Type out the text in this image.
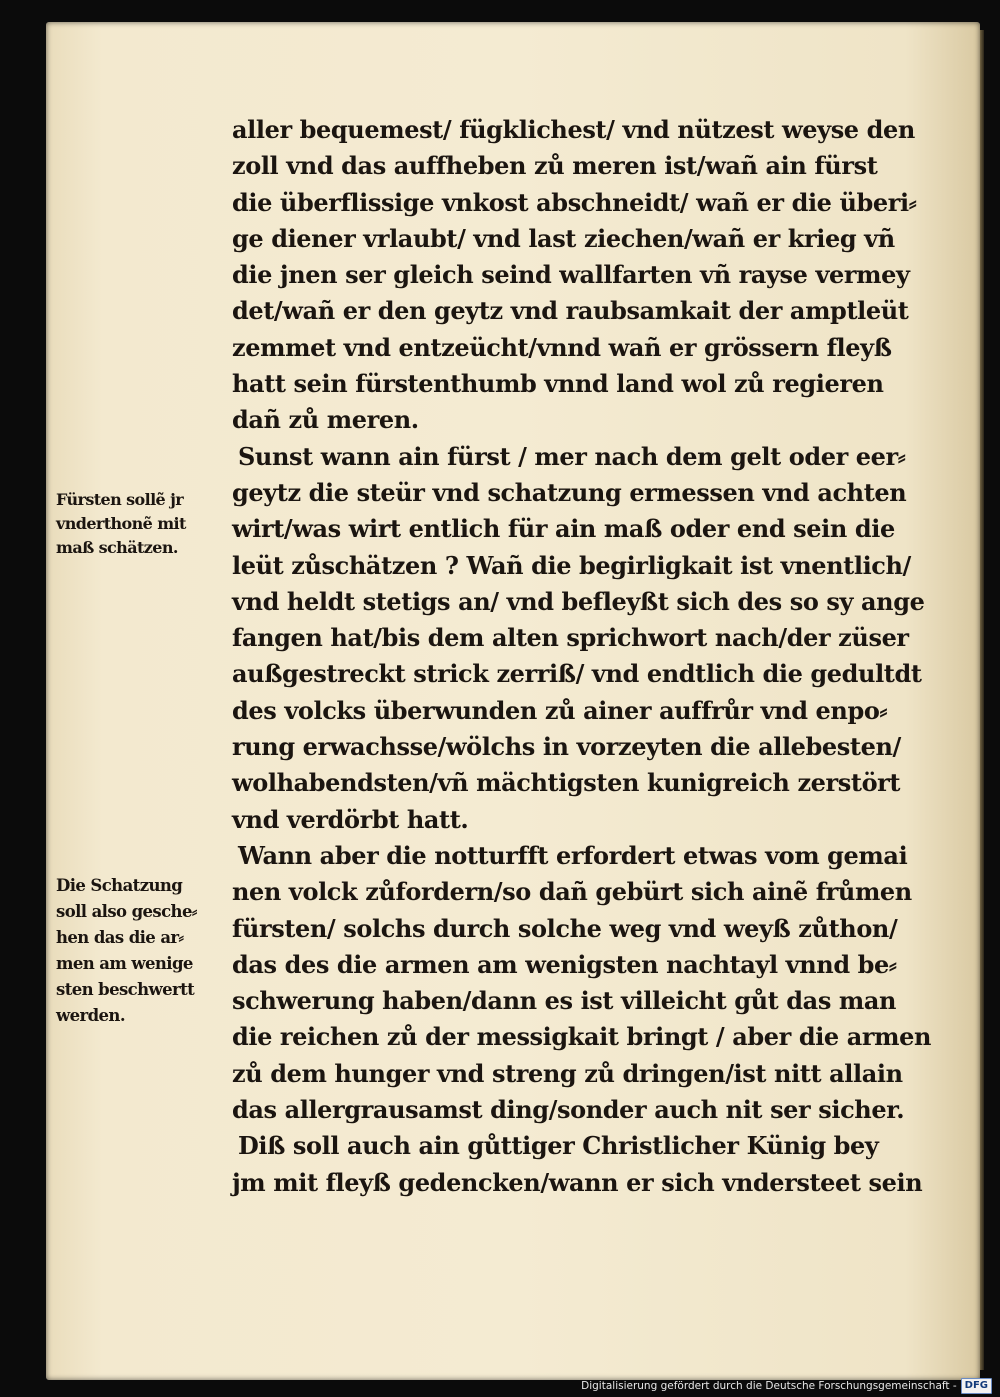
aller bequemest/ fügklichest/ vnd nützest weyse den
zoll vnd das auffheben zů meren ist/wañ ain fürst
die überflissige vnkost abschneidt/ wañ er die überi⸗
ge diener vrlaubt/ vnd last ziechen/wañ er krieg vñ
die jnen ser gleich seind wallfarten vñ rayse vermey
det/wañ er den geytz vnd raubsamkait der amptleüt
zemmet vnd entzeücht/vnnd wañ er grössern fleyß
hatt sein fürstenthumb vnnd land wol zů regieren
dañ zů meren.
Sunst wann ain fürst / mer nach dem gelt oder eer⸗
geytz die steür vnd schatzung ermessen vnd achten
wirt/was wirt entlich für ain maß oder end sein die
leüt zůschätzen ? Wañ die begirligkait ist vnentlich/
vnd heldt stetigs an/ vnd befleyßt sich des so sy ange
fangen hat/bis dem alten sprichwort nach/der züser
außgestreckt strick zerriß/ vnd endtlich die gedultdt
des volcks überwunden zů ainer auffrůr vnd enpo⸗
rung erwachsse/wölchs in vorzeyten die allebesten/
wolhabendsten/vñ mächtigsten kunigreich zerstört
vnd verdörbt hatt.
Wann aber die notturfft erfordert etwas vom gemai
nen volck zůfordern/so dañ gebürt sich ainẽ frůmen
fürsten/ solchs durch solche weg vnd weyß zůthon/
das des die armen am wenigsten nachtayl vnnd be⸗
schwerung haben/dann es ist villeicht gůt das man
die reichen zů der messigkait bringt / aber die armen
zů dem hunger vnd streng zů dringen/ist nitt allain
das allergrausamst ding/sonder auch nit ser sicher.
Diß soll auch ain gůttiger Christlicher Künig bey
jm mit fleyß gedencken/wann er sich vndersteet sein
Fürsten sollẽ jr
vnderthonẽ mit
maß schätzen.
Die Schatzung
soll also gesche⸗
hen das die ar⸗
men am wenige
sten beschwertt
werden.
Digitalisierung gefördert durch die Deutsche Forschungsgemeinschaft - DFG
